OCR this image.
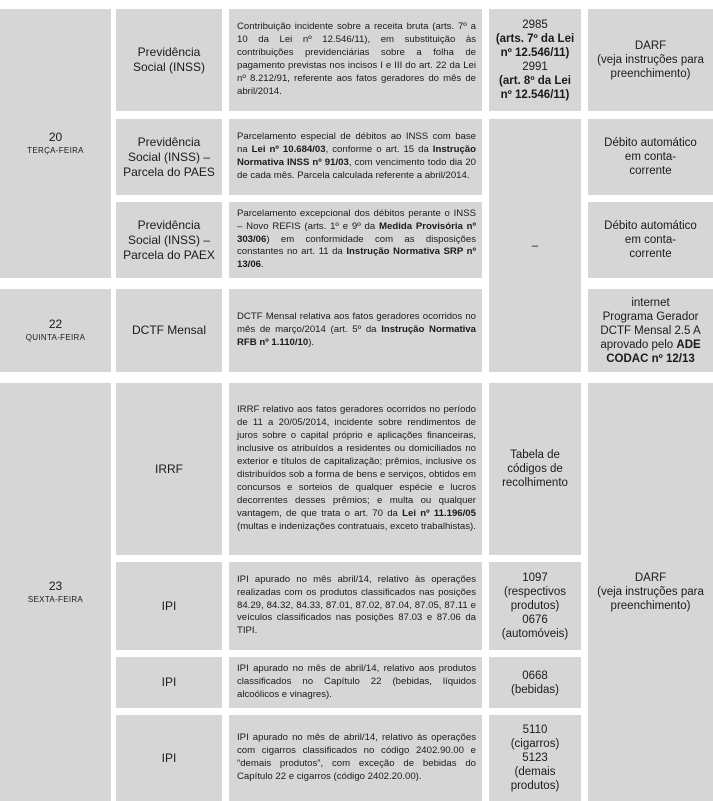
20
TERÇA-FEIRA
22
QUINTA-FEIRA
23
SEXTA-FEIRA
Previdência Social (INSS)
Previdência Social (INSS) – Parcela do PAES
Previdência Social (INSS) – Parcela do PAEX
DCTF Mensal
IRRF
IPI
IPI
IPI
Contribuição incidente sobre a receita bruta (arts. 7º a 10 da Lei nº 12.546/11), em substituição às contribuições previdenciárias sobre a folha de pagamento previstas nos incisos I e III do art. 22 da Lei nº 8.212/91, referente aos fatos geradores do mês de abril/2014.
Parcelamento especial de débitos ao INSS com base na Lei nº 10.684/03, conforme o art. 15 da Instrução Normativa INSS nº 91/03, com vencimento todo dia 20 de cada mês. Parcela calculada referente a abril/2014.
Parcelamento excepcional dos débitos perante o INSS – Novo REFIS (arts. 1º e 9º da Medida Provisória nº 303/06) em conformidade com as disposições constantes no art. 11 da Instrução Normativa SRP nº 13/06.
DCTF Mensal relativa aos fatos geradores ocorridos no mês de março/2014 (art. 5º da Instrução Normativa RFB nº 1.110/10).
IRRF relativo aos fatos geradores ocorridos no período de 11 a 20/05/2014, incidente sobre rendimentos de juros sobre o capital próprio e aplicações financeiras, inclusive os atribuídos a residentes ou domiciliados no exterior e títulos de capitalização; prêmios, inclusive os distribuídos sob a forma de bens e serviços, obtidos em concursos e sorteios de qualquer espécie e lucros decorrentes desses prêmios; e multa ou qualquer vantagem, de que trata o art. 70 da Lei nº 11.196/05 (multas e indenizações contratuais, exceto trabalhistas).
IPI apurado no mês abril/14, relativo às operações realizadas com os produtos classificados nas posições 84.29, 84.32, 84.33, 87.01, 87.02, 87.04, 87.05, 87.11 e veículos classificados nas posições 87.03 e 87.06 da TIPI.
IPI apurado no mês de abril/14, relativo aos produtos classificados no Capítulo 22 (bebidas, líquidos alcoólicos e vinagres).
IPI apurado no mês de abril/14, relativo às operações com cigarros classificados no código 2402.90.00 e “demais produtos”, com exceção de bebidas do Capítulo 22 e cigarros (código 2402.20.00).
2985
(arts. 7º da Lei
nº 12.546/11)
2991
(art. 8º da Lei
nº 12.546/11)
–
Tabela de códigos de recolhimento
1097
(respectivos
produtos)
0676
(automóveis)
0668
(bebidas)
5110
(cigarros)
5123
(demais
produtos)
DARF
(veja instruções para
preenchimento)
Débito automático em conta-corrente
Débito automático em conta-corrente
internet
Programa Gerador
DCTF Mensal 2.5 A
aprovado pelo ADE CODAC nº 12/13
DARF
(veja instruções para
preenchimento)
